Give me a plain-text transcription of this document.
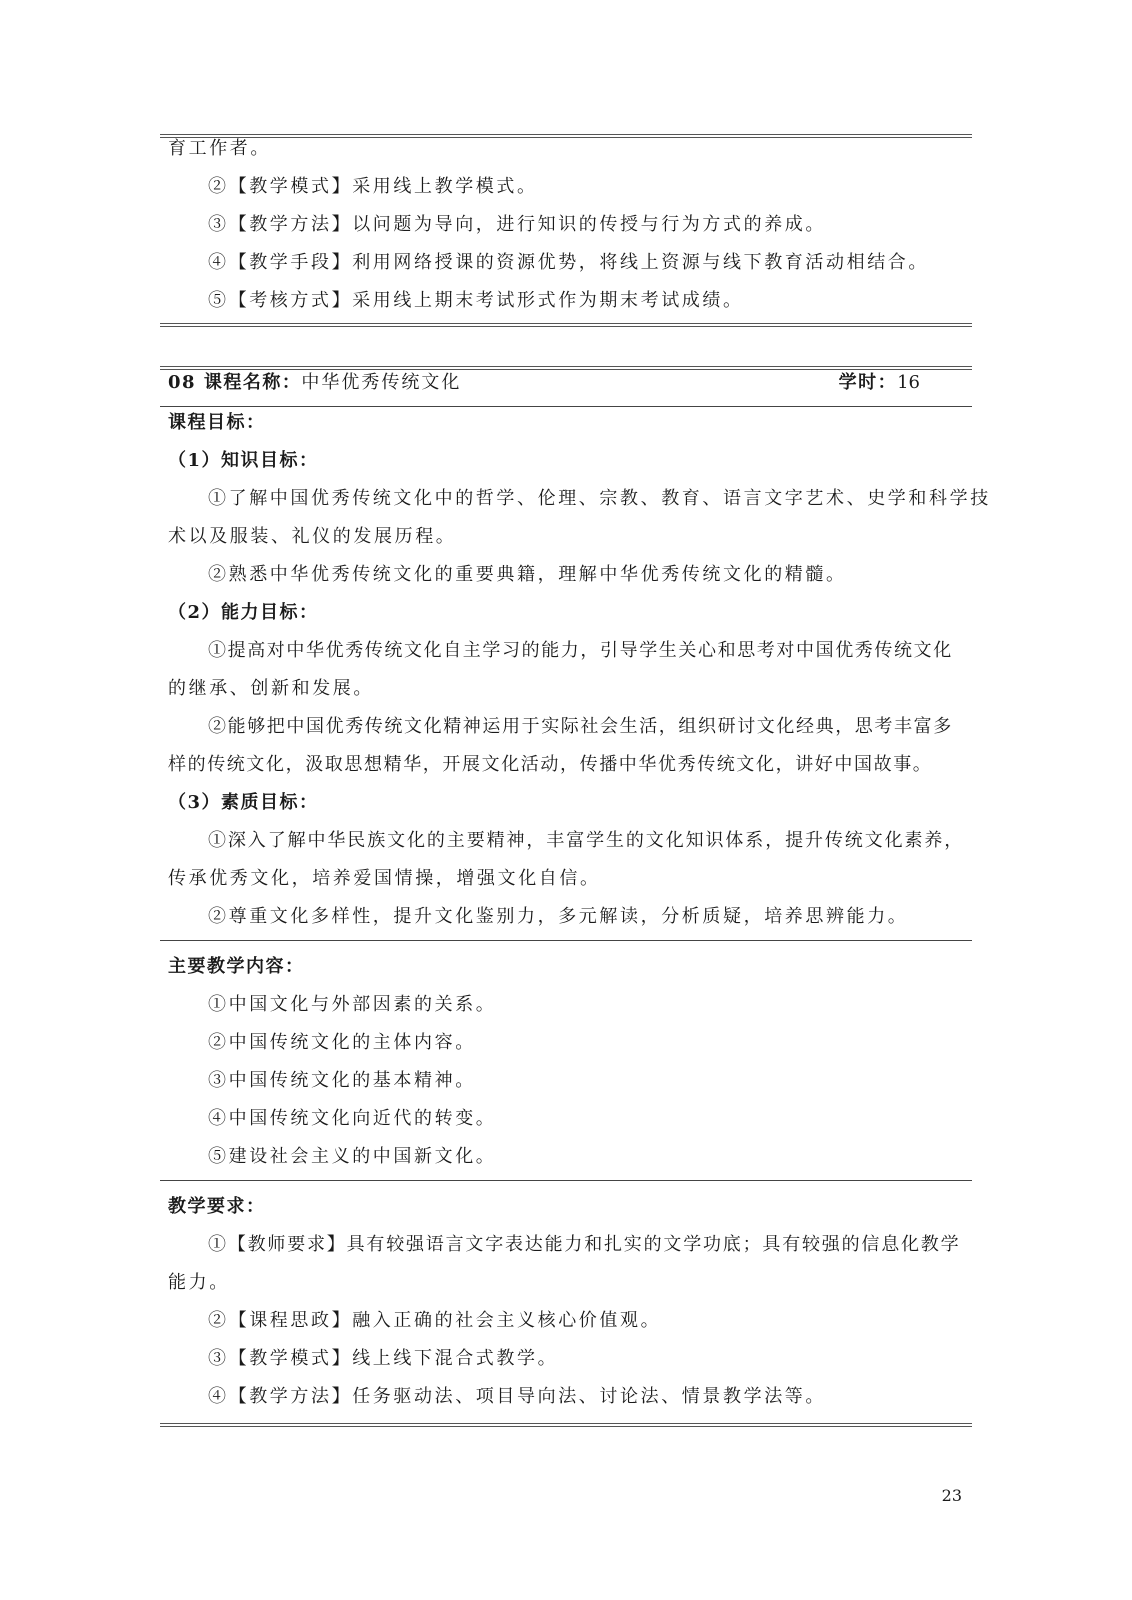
育工作者。
②【教学模式】采用线上教学模式。
③【教学方法】以问题为导向，进行知识的传授与行为方式的养成。
④【教学手段】利用网络授课的资源优势，将线上资源与线下教育活动相结合。
⑤【考核方式】采用线上期末考试形式作为期末考试成绩。
08 课程名称：中华优秀传统文化	学时：16
课程目标：
（1）知识目标：
①了解中国优秀传统文化中的哲学、伦理、宗教、教育、语言文字艺术、史学和科学技
术以及服装、礼仪的发展历程。
②熟悉中华优秀传统文化的重要典籍，理解中华优秀传统文化的精髓。
（2）能力目标：
①提高对中华优秀传统文化自主学习的能力，引导学生关心和思考对中国优秀传统文化
的继承、创新和发展。
②能够把中国优秀传统文化精神运用于实际社会生活，组织研讨文化经典，思考丰富多
样的传统文化，汲取思想精华，开展文化活动，传播中华优秀传统文化，讲好中国故事。
（3）素质目标：
①深入了解中华民族文化的主要精神，丰富学生的文化知识体系，提升传统文化素养，
传承优秀文化，培养爱国情操，增强文化自信。
②尊重文化多样性，提升文化鉴别力，多元解读，分析质疑，培养思辨能力。
主要教学内容：
①中国文化与外部因素的关系。
②中国传统文化的主体内容。
③中国传统文化的基本精神。
④中国传统文化向近代的转变。
⑤建设社会主义的中国新文化。
教学要求：
①【教师要求】具有较强语言文字表达能力和扎实的文学功底；具有较强的信息化教学
能力。
②【课程思政】融入正确的社会主义核心价值观。
③【教学模式】线上线下混合式教学。
④【教学方法】任务驱动法、项目导向法、讨论法、情景教学法等。
23
